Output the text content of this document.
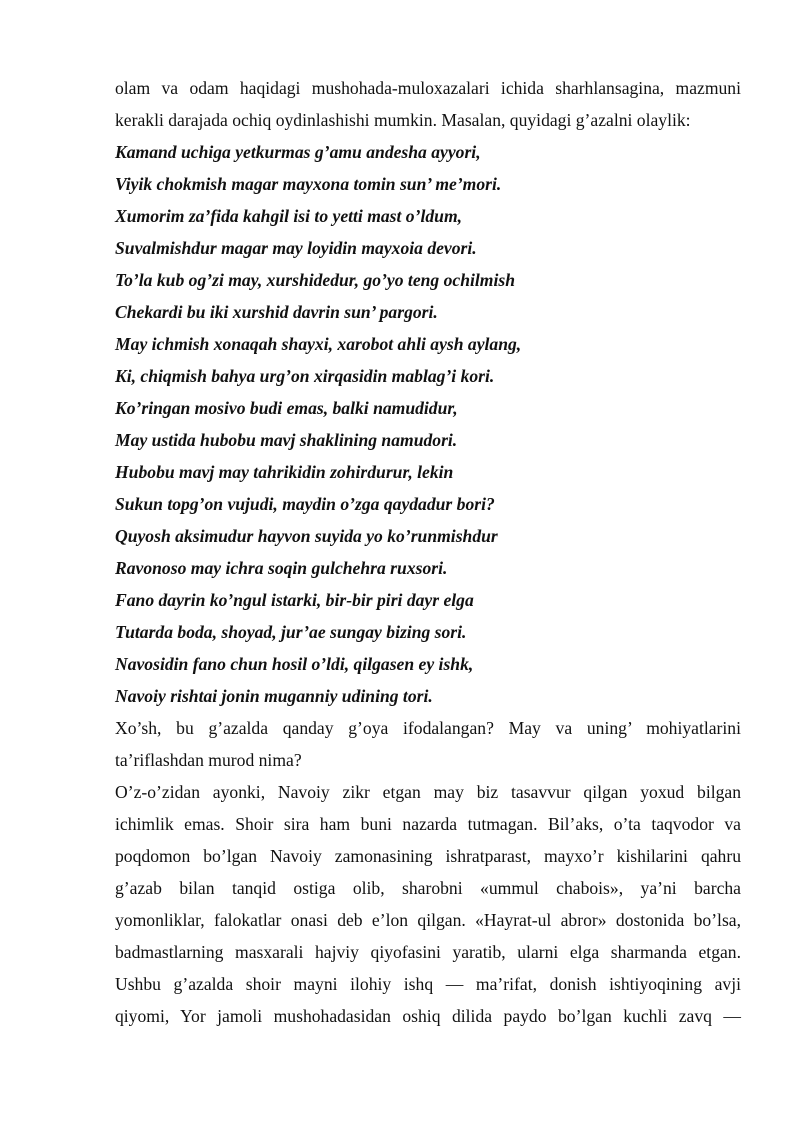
olam va odam haqidagi mushohada-muloxazalari ichida sharhlansagina, mazmuni
kerakli darajada ochiq oydinlashishi mumkin. Masalan, quyidagi g’azalni olaylik:

Kamand uchiga yetkurmas g’amu andesha ayyori,
Viyik chokmish magar mayxona tomin sun’ me’mori.
Xumorim za’fida kahgil isi to yetti mast o’ldum,
Suvalmishdur magar may loyidin mayxoia devori.
To’la kub og’zi may, xurshidedur, go’yo teng ochilmish
Chekardi bu iki xurshid davrin sun’ pargori.
May ichmish xonaqah shayxi, xarobot ahli aysh aylang,
Ki, chiqmish bahya urg’on xirqasidin mablag’i kori.
Ko’ringan mosivo budi emas, balki namudidur,
May ustida hubobu mavj shaklining namudori.
Hubobu mavj may tahrikidin zohirdurur, lekin
Sukun topg’on vujudi, maydin o’zga qaydadur bori?
Quyosh aksimudur hayvon suyida yo ko’runmishdur
Ravonoso may ichra soqin gulchehra ruxsori.
Fano dayrin ko’ngul istarki, bir-bir piri dayr elga
Tutarda boda, shoyad, jur’ae sungay bizing sori.
Navosidin fano chun hosil o’ldi, qilgasen ey ishk,
Navoiy rishtai jonin muganniy udining tori.

Xo’sh, bu g’azalda qanday g’oya ifodalangan? May va uning’ mohiyatlarini
ta’riflashdan murod nima?

O’z-o’zidan ayonki, Navoiy zikr etgan may biz tasavvur qilgan yoxud bilgan
ichimlik emas. Shoir sira ham buni nazarda tutmagan. Bil’aks, o’ta taqvodor va
poqdomon bo’lgan Navoiy zamonasining ishratparast, mayxo’r kishilarini qahru
g’azab bilan tanqid ostiga olib, sharobni «ummul chabois», ya’ni barcha
yomonliklar, falokatlar onasi deb e’lon qilgan. «Hayrat-ul abror» dostonida bo’lsa,
badmastlarning masxarali hajviy qiyofasini yaratib, ularni elga sharmanda etgan.
Ushbu g’azalda shoir mayni ilohiy ishq — ma’rifat, donish ishtiyoqining avji
qiyomi, Yor jamoli mushohadasidan oshiq dilida paydo bo’lgan kuchli zavq —
